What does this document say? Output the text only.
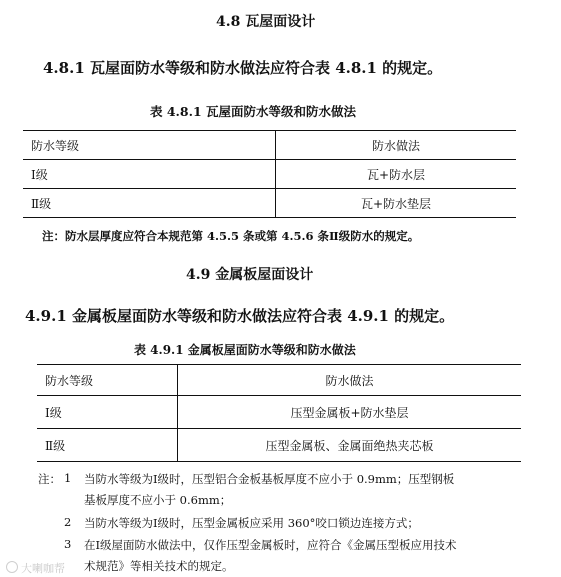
4.8 瓦屋面设计
4.8.1 瓦屋面防水等级和防水做法应符合表 4.8.1 的规定。
表 4.8.1 瓦屋面防水等级和防水做法
防水等级	防水做法
Ⅰ级	瓦+防水层
Ⅱ级	瓦+防水垫层
注：防水层厚度应符合本规范第 4.5.5 条或第 4.5.6 条Ⅱ级防水的规定。
4.9 金属板屋面设计
4.9.1 金属板屋面防水等级和防水做法应符合表 4.9.1 的规定。
表 4.9.1 金属板屋面防水等级和防水做法
防水等级	防水做法
Ⅰ级	压型金属板+防水垫层
Ⅱ级	压型金属板、金属面绝热夹芯板
注： 1 当防水等级为Ⅰ级时，压型铝合金板基板厚度不应小于 0.9mm；压型钢板
基板厚度不应小于 0.6mm；
2 当防水等级为Ⅰ级时，压型金属板应采用 360°咬口锁边连接方式；
3 在Ⅰ级屋面防水做法中，仅作压型金属板时，应符合《金属压型板应用技术
术规范》等相关技术的规定。
大喇咖帮
